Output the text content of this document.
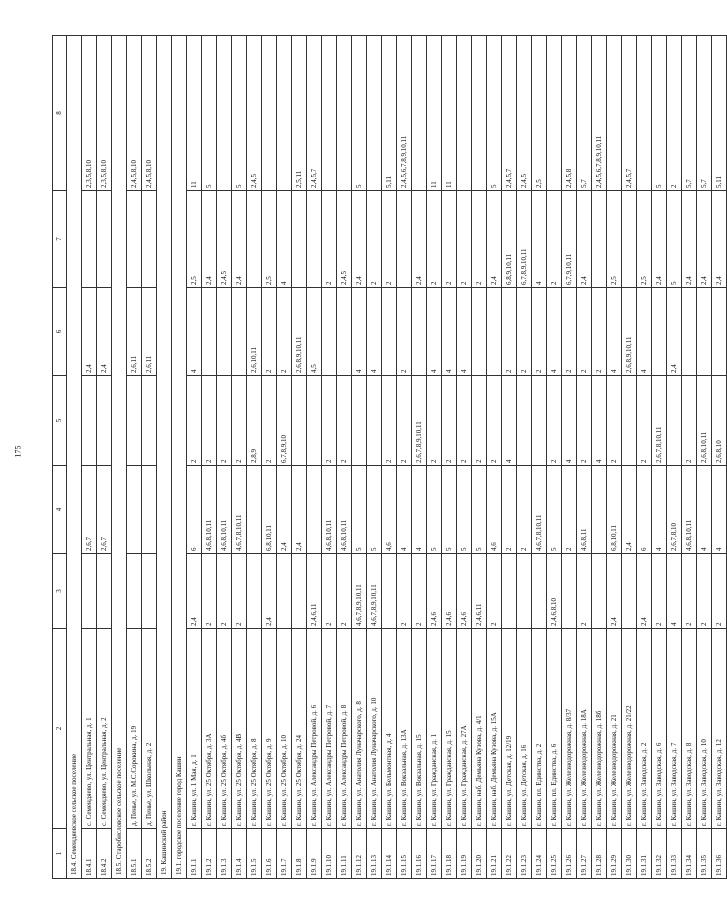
175
1	2	3	4	5	6	7	8
18.4. Семендяевское сельское поселение							
18.4.1	с. Семендяево, ул. Центральная, д. 1		2,6,7		2,4		2,3,5,8,10
18.4.2	с. Семендяево, ул. Центральная, д. 2		2,6,7		2,4		2,3,5,8,10
18.5. Старобисловское сельское поселение							
18.5.1	д. Пенье, ул. М.С.Сорокина, д. 19				2,6,11		2,4,5,8,10
18.5.2	д. Пенье, ул. Школьная, д. 2				2,6,11		2,4,5,8,10
19. Кашинский район							
19.1. городское поселение город Кашин							
19.1.1	г. Кашин, ул. 1 Мая, д. 1	2,4	6	2	4	2,5	11
19.1.2	г. Кашин, ул. 25 Октября, д. 3А	2	4,6,8,10,11	2		2,4	5
19.1.3	г. Кашин, ул. 25 Октября, д. 4б	2	4,6,8,10,11	2		2,4,5	
19.1.4	г. Кашин, ул. 25 Октября, д. 4В	2	4,6,7,8,10,11	2		2,4	5
19.1.5	г. Кашин, ул. 25 Октября, д. 8			2,8,9	2,6,10,11		2,4,5
19.1.6	г. Кашин, ул. 25 Октября, д. 9	2,4	6,8,10,11	2	2	2,5	
19.1.7	г. Кашин, ул. 25 Октября, д. 10		2,4	6,7,8,9,10	2	4	
19.1.8	г. Кашин, ул. 25 Октября, д. 24		2,4		2,6,8,9,10,11		2,5,11
19.1.9	г. Кашин, ул. Александры Петровой, д. 6	2,4,6,11			4,5		2,4,5,7
19.1.10	г. Кашин, ул. Александры Петровой, д. 7	2	4,6,8,10,11	2		2	
19.1.11	г. Кашин, ул. Александры Петровой, д. 8	2	4,6,8,10,11	2		2,4,5	
19.1.12	г. Кашин, ул. Анатолия Луначарского, д. 8	4,6,7,8,9,10,11	5		4	2,4	5
19.1.13	г. Кашин, ул. Анатолия Луначарского, д. 10	4,6,7,8,9,10,11	5		4	2	
19.1.14	г. Кашин, ул. Бельмонтная, д. 4		4,6	2		2	5,11
19.1.15	г. Кашин, ул. Вокзальная, д. 13А	2	4	2	2		2,4,5,6,7,8,9,10,11
19.1.16	г. Кашин, ул. Вокзальная, д. 15	2	4	2,6,7,8,9,10,11		2,4	
19.1.17	г. Кашин, ул. Гражданская, д. 1	2,4,6	5	2	4	2	11
19.1.18	г. Кашин, ул. Гражданская, д. 15	2,4,6	5	2	4	2	11
19.1.19	г. Кашин, ул. Гражданская, д. 27А	2,4,6	5	2	4	2	
19.1.20	г. Кашин, наб. Демьяна Кузова, д. 4/1	2,4,6,11	5	2		2	
19.1.21	г. Кашин, наб. Демьяна Кузова, д. 15А	2	4,6	2		2,4	5
19.1.22	г. Кашин, ул. Детская, д. 12/19		2	4	2	6,8,9,10,11	2,4,5,7
19.1.23	г. Кашин, ул. Детская, д. 16		2		2	6,7,8,9,10,11	2,4,5
19.1.24	г. Кашин, пл. Единства, д. 2		4,6,7,8,10,11		2	4	2,5
19.1.25	г. Кашин, пл. Единства, д. 6	2,4,6,8,10	5	2	4	2	
19.1.26	г. Кашин, ул. Железнодорожная, д. 8/37		2	4	2	6,7,9,10,11	2,4,5,8
19.1.27	г. Кашин, ул. Железнодорожная, д. 18А	2	4,6,8,11	2	2	2,4	5,7
19.1.28	г. Кашин, ул. Железнодорожная, д. 18б			4	2		2,4,5,6,7,8,9,10,11
19.1.29	г. Кашин, ул. Железнодорожная, д. 21	2,4	6,8,10,11	2	4	2,5	
19.1.30	г. Кашин, ул. Железнодорожная, д. 21/22		2,4		2,6,8,9,10,11		2,4,5,7
19.1.31	г. Кашин, ул. Заводская, д. 2	2,4	6	2	4	2,5	
19.1.32	г. Кашин, ул. Заводская, д. 6	2	4	2,6,7,8,10,11		2,4	5
19.1.33	г. Кашин, ул. Заводская, д. 7	4	2,6,7,8,10		2,4	5	2
19.1.34	г. Кашин, ул. Заводская, д. 8	2	4,6,8,10,11	2		2,4	5,7
19.1.35	г. Кашин, ул. Заводская, д. 10	2	4	2,6,8,10,11		2,4	5,7
19.1.36	г. Кашин, ул. Заводская, д. 12	2	4	2,6,8,10		2,4	5,11
